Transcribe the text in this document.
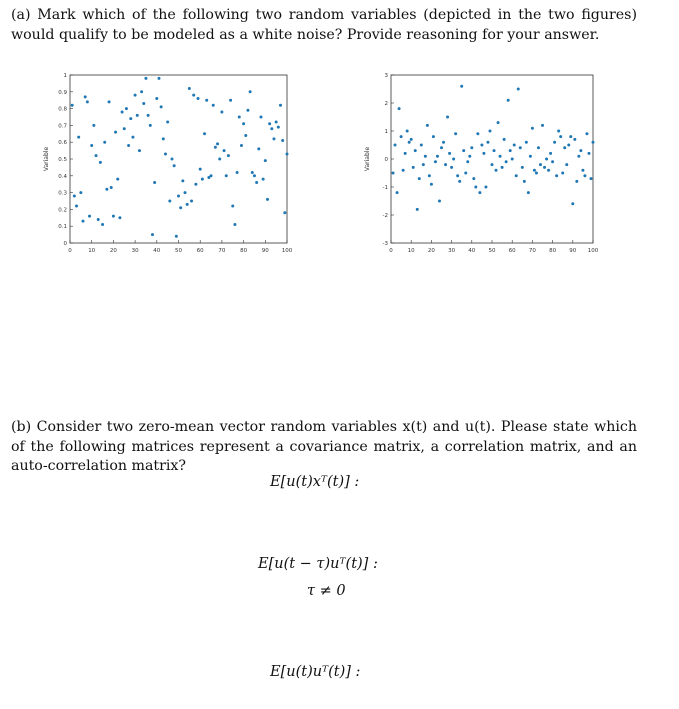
(a) Mark which of the following two random variables (depicted in the two figures) would qualify to be modeled as a white noise? Provide reasoning for your answer.
0	10	20	30	40	50	60	70	80	90 100
0
0.1
0.2
0.3
0.4
0.5
0.6
0.7
0.8
0.9
1
Variable
0	10 20 30 40 50 60 70 80 90 100
-3
-2
-1
0
1
2
3
Variable
(b) Consider two zero-mean vector random variables x(t) and u(t). Please state which of the following matrices represent a covariance matrix, a correlation matrix, and an auto-correlation matrix?
E[u(t)xᵀ(t)] :
E[u(t − τ)uᵀ(t)] :
τ ≠ 0
E[u(t)uᵀ(t)] :
